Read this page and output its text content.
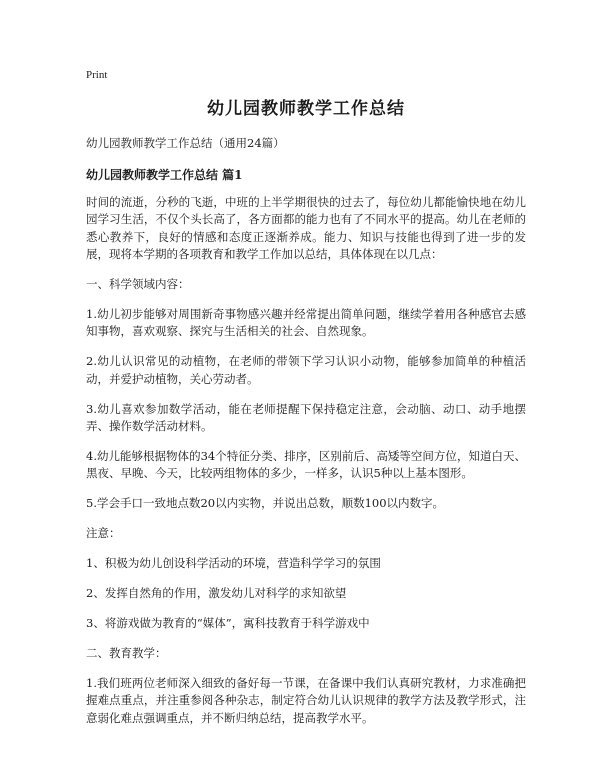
Print
幼儿园教师教学工作总结
幼儿园教师教学工作总结（通用24篇）
幼儿园教师教学工作总结 篇1
时间的流逝，分秒的飞逝，中班的上半学期很快的过去了，每位幼儿都能愉快地在幼儿园学习生活，不仅个头长高了，各方面都的能力也有了不同水平的提高。幼儿在老师的悉心教养下，良好的情感和态度正逐渐养成。能力、知识与技能也得到了进一步的发展，现将本学期的各项教育和教学工作加以总结，具体体现在以几点：
一、科学领域内容：
1.幼儿初步能够对周围新奇事物感兴趣并经常提出简单问题，继续学着用各种感官去感知事物，喜欢观察、探究与生活相关的社会、自然现象。
2.幼儿认识常见的动植物，在老师的带领下学习认识小动物，能够参加简单的种植活动，并爱护动植物，关心劳动者。
3.幼儿喜欢参加数学活动，能在老师提醒下保持稳定注意，会动脑、动口、动手地摆弄、操作数学活动材料。
4.幼儿能够根据物体的34个特征分类、排序，区别前后、高矮等空间方位，知道白天、黑夜、早晚、今天，比较两组物体的多少，一样多，认识5种以上基本图形。
5.学会手口一致地点数20以内实物，并说出总数，顺数100以内数字。
注意：
1、积极为幼儿创设科学活动的环境，营造科学学习的氛围
2、发挥自然角的作用，激发幼儿对科学的求知欲望
3、将游戏做为教育的“媒体”，寓科技教育于科学游戏中
二、教育教学：
1.我们班两位老师深入细致的备好每一节课，在备课中我们认真研究教材，力求准确把握难点重点，并注重参阅各种杂志，制定符合幼儿认识规律的教学方法及教学形式，注意弱化难点强调重点，并不断归纳总结，提高教学水平。
